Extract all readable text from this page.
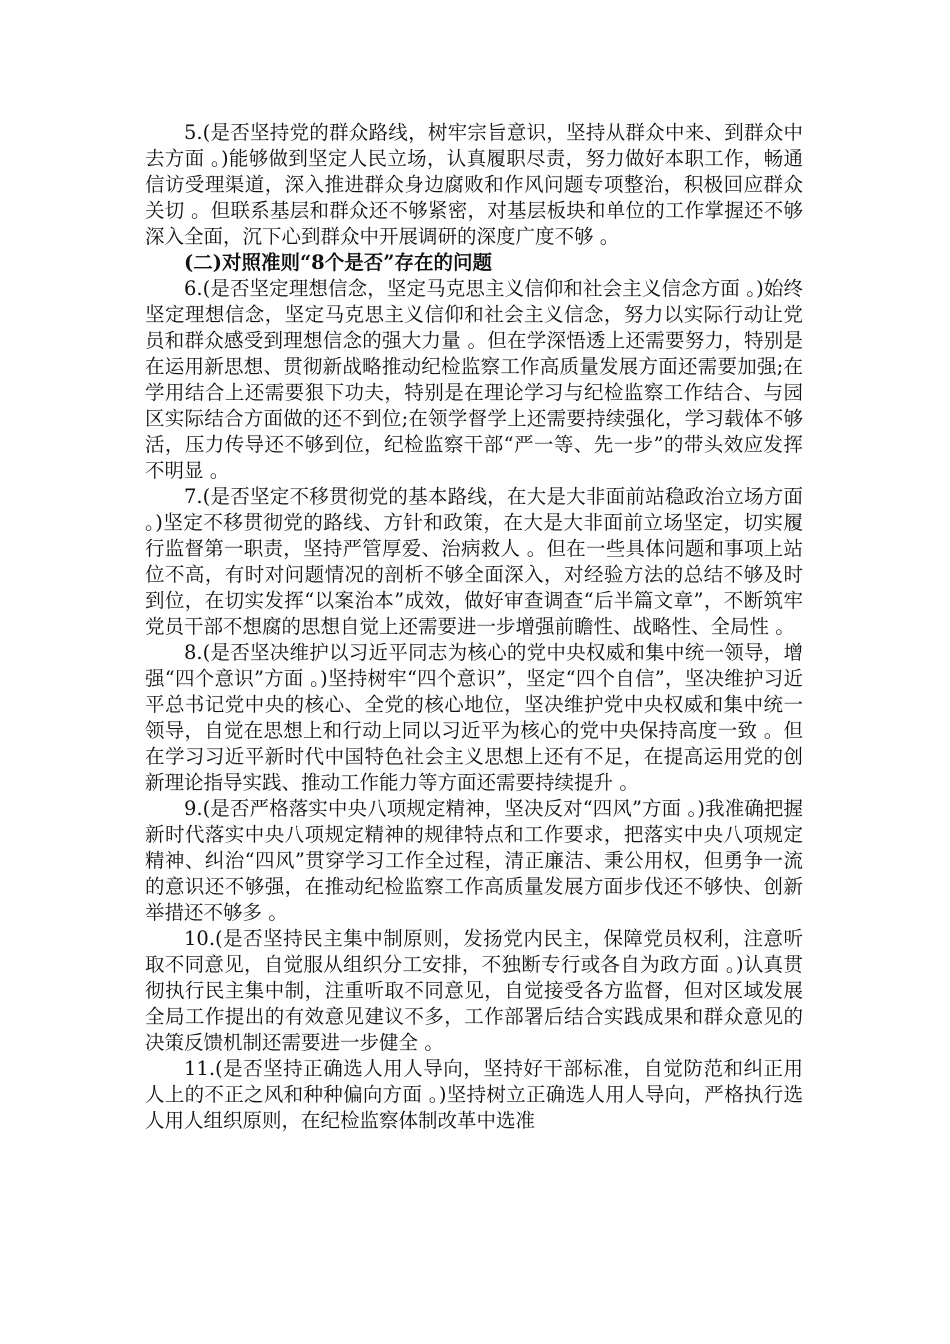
5.(是否坚持党的群众路线，树牢宗旨意识，坚持从群众中来、到群众中去方面 。)能够做到坚定人民立场，认真履职尽责，努力做好本职工作，畅通信访受理渠道，深入推进群众身边腐败和作风问题专项整治，积极回应群众关切 。但联系基层和群众还不够紧密，对基层板块和单位的工作掌握还不够深入全面，沉下心到群众中开展调研的深度广度不够 。

(二)对照准则“8个是否”存在的问题

6.(是否坚定理想信念，坚定马克思主义信仰和社会主义信念方面 。)始终坚定理想信念，坚定马克思主义信仰和社会主义信念，努力以实际行动让党员和群众感受到理想信念的强大力量 。但在学深悟透上还需要努力，特别是在运用新思想、贯彻新战略推动纪检监察工作高质量发展方面还需要加强;在学用结合上还需要狠下功夫，特别是在理论学习与纪检监察工作结合、与园区实际结合方面做的还不到位;在领学督学上还需要持续强化，学习载体不够活，压力传导还不够到位，纪检监察干部“严一等、先一步”的带头效应发挥不明显 。

7.(是否坚定不移贯彻党的基本路线，在大是大非面前站稳政治立场方面 。)坚定不移贯彻党的路线、方针和政策，在大是大非面前立场坚定，切实履行监督第一职责，坚持严管厚爱、治病救人 。但在一些具体问题和事项上站位不高，有时对问题情况的剖析不够全面深入，对经验方法的总结不够及时到位，在切实发挥“以案治本”成效，做好审查调查“后半篇文章”，不断筑牢党员干部不想腐的思想自觉上还需要进一步增强前瞻性、战略性、全局性 。

8.(是否坚决维护以习近平同志为核心的党中央权威和集中统一领导，增强“四个意识”方面 。)坚持树牢“四个意识”，坚定“四个自信”，坚决维护习近平总书记党中央的核心、全党的核心地位，坚决维护党中央权威和集中统一领导，自觉在思想上和行动上同以习近平为核心的党中央保持高度一致 。但在学习习近平新时代中国特色社会主义思想上还有不足，在提高运用党的创新理论指导实践、推动工作能力等方面还需要持续提升 。

9.(是否严格落实中央八项规定精神，坚决反对“四风”方面 。)我准确把握新时代落实中央八项规定精神的规律特点和工作要求，把落实中央八项规定精神、纠治“四风”贯穿学习工作全过程，清正廉洁、秉公用权，但勇争一流的意识还不够强，在推动纪检监察工作高质量发展方面步伐还不够快、创新举措还不够多 。

10.(是否坚持民主集中制原则，发扬党内民主，保障党员权利，注意听取不同意见，自觉服从组织分工安排，不独断专行或各自为政方面 。)认真贯彻执行民主集中制，注重听取不同意见，自觉接受各方监督，但对区域发展全局工作提出的有效意见建议不多，工作部署后结合实践成果和群众意见的决策反馈机制还需要进一步健全 。

11.(是否坚持正确选人用人导向，坚持好干部标准，自觉防范和纠正用人上的不正之风和种种偏向方面 。)坚持树立正确选人用人导向，严格执行选人用人组织原则，在纪检监察体制改革中选准
